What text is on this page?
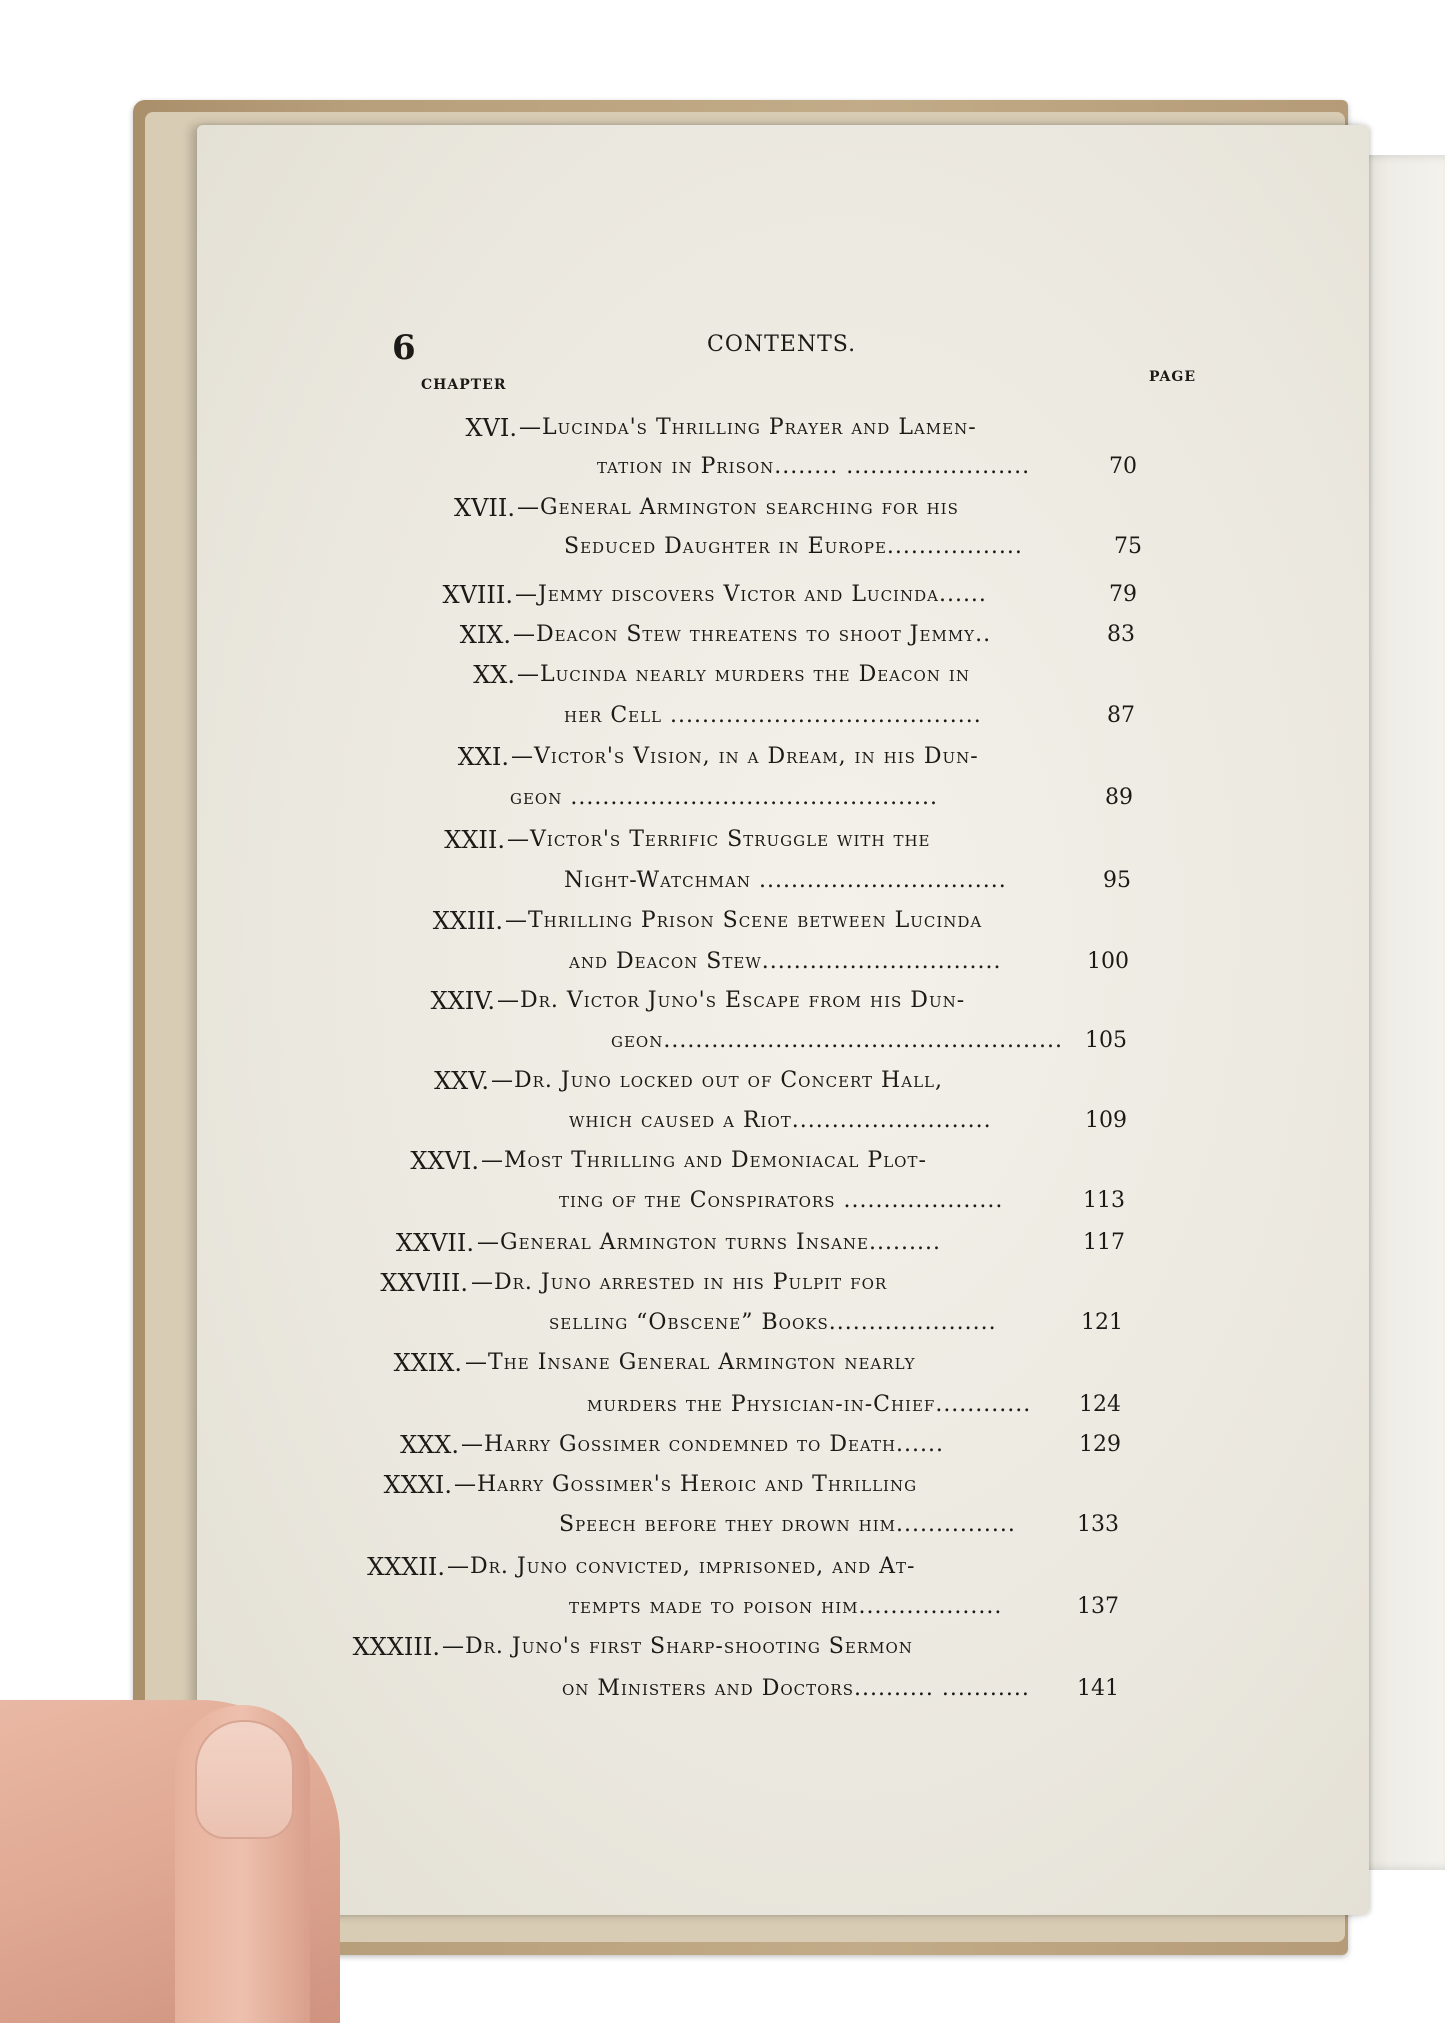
6	CONTENTS.
CHAPTER	PAGE
XVI. —Lucinda's Thrilling Prayer and Lamen-
tation in Prison........ .......................	70
XVII. —General Armington searching for his
Seduced Daughter in Europe.................	75
XVIII. —Jemmy discovers Victor and Lucinda......	79
XIX. —Deacon Stew threatens to shoot Jemmy..	83
XX. —Lucinda nearly murders the Deacon in
her Cell .......................................	87
XXI. —Victor's Vision, in a Dream, in his Dun-
geon ..............................................	89
XXII. —Victor's Terrific Struggle with the
Night-Watchman ...............................	95
XXIII. —Thrilling Prison Scene between Lucinda
and Deacon Stew..............................	100
XXIV. —Dr. Victor Juno's Escape from his Dun-
geon.................................................. 105
XXV. —Dr. Juno locked out of Concert Hall,
which caused a Riot.........................	109
XXVI. —Most Thrilling and Demoniacal Plot-
ting of the Conspirators ....................	113
XXVII. —General Armington turns Insane.........	117
XXVIII. —Dr. Juno arrested in his Pulpit for
selling “Obscene” Books.....................	121
XXIX. —The Insane General Armington nearly
murders the Physician-in-Chief............	124
XXX. —Harry Gossimer condemned to Death......	129
XXXI. —Harry Gossimer's Heroic and Thrilling
Speech before they drown him...............	133
XXXII. —Dr. Juno convicted, imprisoned, and At-
tempts made to poison him..................	137
XXXIII. —Dr. Juno's first Sharp-shooting Sermon
on Ministers and Doctors.......... ...........	141
